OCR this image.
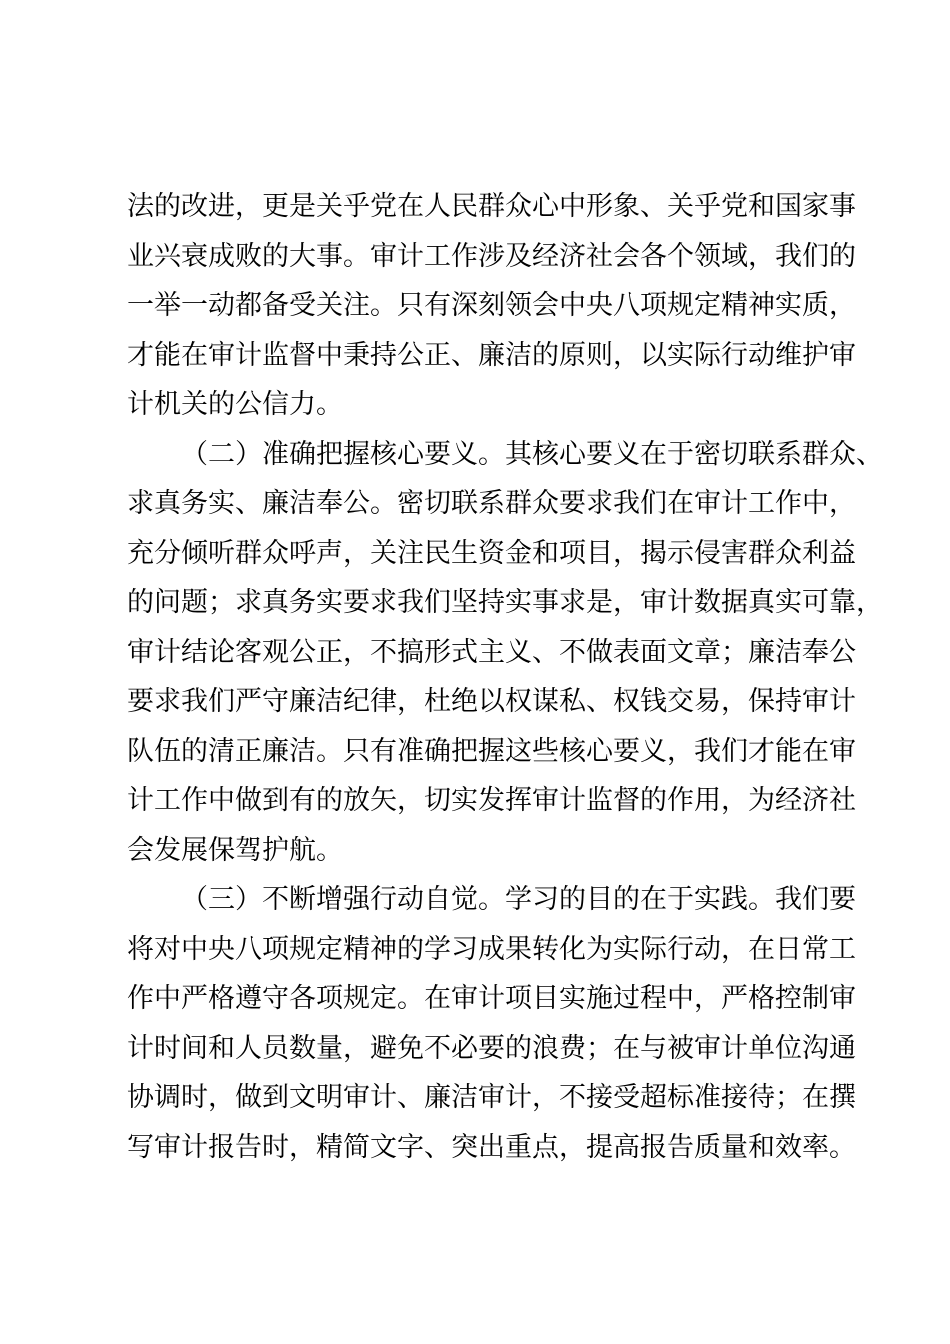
法的改进，更是关乎党在人民群众心中形象、关乎党和国家事
业兴衰成败的大事。审计工作涉及经济社会各个领域，我们的
一举一动都备受关注。只有深刻领会中央八项规定精神实质，
才能在审计监督中秉持公正、廉洁的原则，以实际行动维护审
计机关的公信力。
（二）准确把握核心要义。其核心要义在于密切联系群众、
求真务实、廉洁奉公。密切联系群众要求我们在审计工作中，
充分倾听群众呼声，关注民生资金和项目，揭示侵害群众利益
的问题；求真务实要求我们坚持实事求是，审计数据真实可靠，
审计结论客观公正，不搞形式主义、不做表面文章；廉洁奉公
要求我们严守廉洁纪律，杜绝以权谋私、权钱交易，保持审计
队伍的清正廉洁。只有准确把握这些核心要义，我们才能在审
计工作中做到有的放矢，切实发挥审计监督的作用，为经济社
会发展保驾护航。
（三）不断增强行动自觉。学习的目的在于实践。我们要
将对中央八项规定精神的学习成果转化为实际行动，在日常工
作中严格遵守各项规定。在审计项目实施过程中，严格控制审
计时间和人员数量，避免不必要的浪费；在与被审计单位沟通
协调时，做到文明审计、廉洁审计，不接受超标准接待；在撰
写审计报告时，精简文字、突出重点，提高报告质量和效率。
